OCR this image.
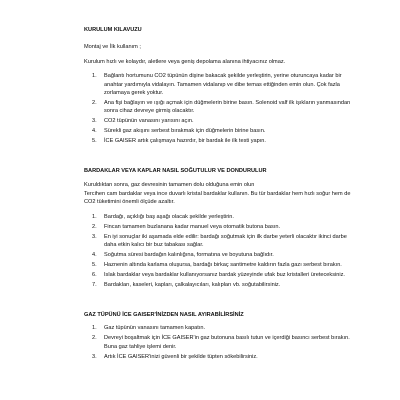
KURULUM KILAVUZU

Montaj ve İlk kullanım ;

Kurulum hızlı ve kolaydır, aletlere veya geniş depolama alanına ihtiyacınız olmaz.

1.	Bağlantı hortumunu CO2 tüpünün dişine bakacak şekilde yerleştirin, yerine oturuncaya kadar bir anahtar yardımıyla vidalayın. Tamamen vidalanıp ve dibe temas ettiğinden emin olun. Çok fazla zorlamaya gerek yoktur.
2.	Ana fişi bağlayın ve ışığı açmak için düğmelerin birine basın. Solenoid valf ilk işıkların yanmasından sonra cihaz devreye girmiş olacaktır.
3.	CO2 tüpünün vanasını yarısını açın.
4.	Sürekli gaz akışını serbest bırakmak için düğmelerin birine basın.
5.	İCE GAISER artık çalışmaya hazırdır, bir bardak ile ilk testi yapın.
BARDAKLAR VEYA KAPLAR NASIL SOĞUTULUR VE DONDURULUR

Kuruldıktan sonra, gaz devresinin tamamen dolu olduğuna emin olun

Tercihen cam bardaklar veya ince duvarlı kristal bardaklar kullanın. Bu tür bardaklar hem hızlı soğur hem de CO2 tüketimini önemli ölçüde azaltır.

1.	Bardağı, açıklığı baş aşağı olacak şekilde yerleştirin.
2.	Fincan tamamen buzlanana kadar manuel veya otomatik butona basın.
3.	En iyi sonuçlar iki aşamada elde edilir: bardağı soğutmak için ilk darbe yeterli olacaktır ikinci darbe daha etkin kalıcı bir buz tabakası sağlar.
4.	Soğutma süresi bardağın kalınlığına, formatına ve boyutuna bağlıdır.
5.	Haznenin altında karlama oluşursa, bardağı birkaç santimetre kaldırın fazla gazı serbest bırakın.
6.	Islak bardaklar veya bardaklar kullanıyorsanız bardak yüzeyinde ufak buz kristalleri üreteceksiniz.
7.	Bardakları, kaseleri, kapları, çalkalayıcıları, kalıpları vb. soğutabilirsiniz.
GAZ TÜPÜNÜ İCE GAISER'İNİZDEN NASIL AYIRABİLİRSİNİZ
1.	Gaz tüpünün vanasını tamamen kapatın.
2.	Devreyi boşaltmak için İCE GAISER'in gaz butonuna basılı tutun ve içerdiği basıncı serbest bırakın. Buna gaz tahliye işlemi denir.
3.	Artık İCE GAISER'inizi güvenli bir şekilde tüpten sökebilirsiniz.
